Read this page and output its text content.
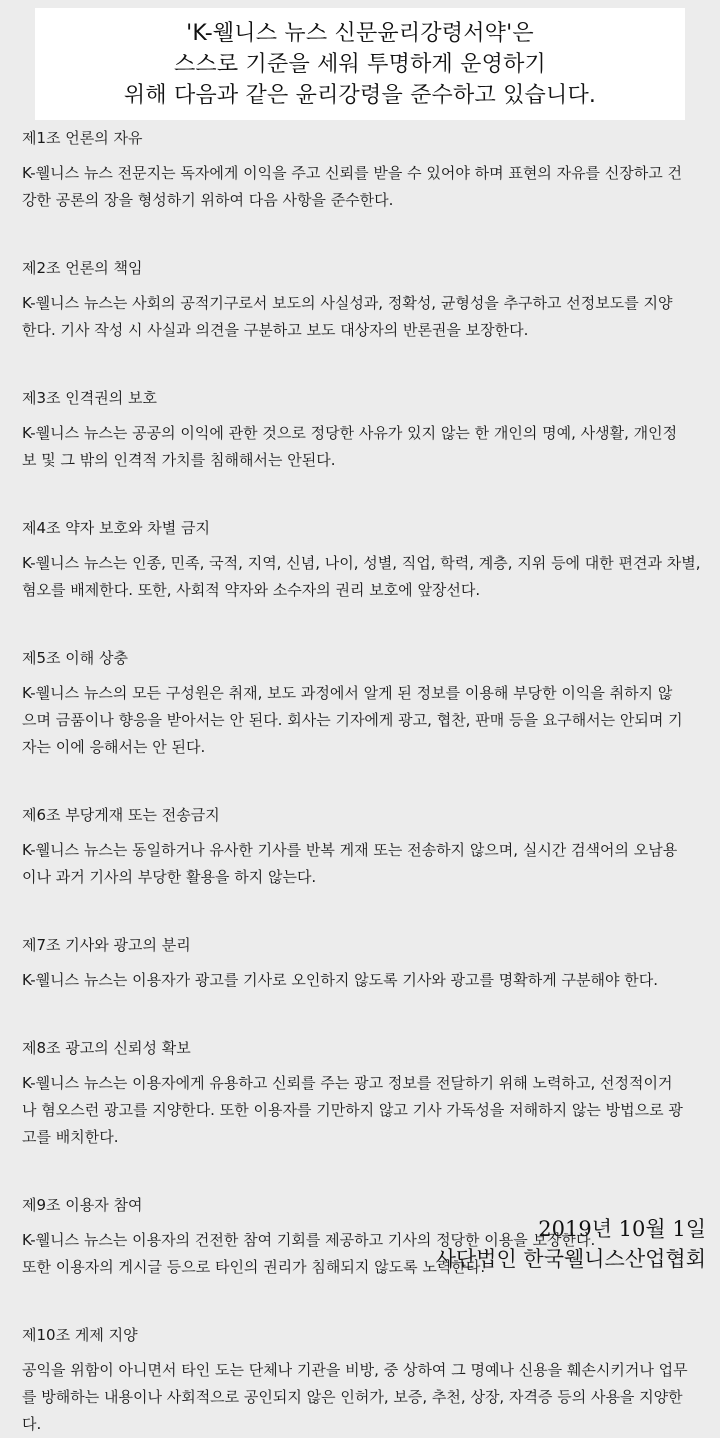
'K-웰니스 뉴스 신문윤리강령서약'은
스스로 기준을 세워 투명하게 운영하기
위해 다음과 같은 윤리강령을 준수하고 있습니다.
제1조 언론의 자유
K-웰니스 뉴스 전문지는 독자에게 이익을 주고 신뢰를 받을 수 있어야 하며 표현의 자유를 신장하고 건
강한 공론의 장을 형성하기 위하여 다음 사항을 준수한다.
제2조 언론의 책임
K-웰니스 뉴스는 사회의 공적기구로서 보도의 사실성과, 정확성, 균형성을 추구하고 선정보도를 지양
한다. 기사 작성 시 사실과 의견을 구분하고 보도 대상자의 반론권을 보장한다.
제3조 인격권의 보호
K-웰니스 뉴스는 공공의 이익에 관한 것으로 정당한 사유가 있지 않는 한 개인의 명예, 사생활, 개인정
보 및 그 밖의 인격적 가치를 침해해서는 안된다.
제4조 약자 보호와 차별 금지
K-웰니스 뉴스는 인종, 민족, 국적, 지역, 신념, 나이, 성별, 직업, 학력, 계층, 지위 등에 대한 편견과 차별,
혐오를 배제한다. 또한, 사회적 약자와 소수자의 권리 보호에 앞장선다.
제5조 이해 상충
K-웰니스 뉴스의 모든 구성원은 취재, 보도 과정에서 알게 된 정보를 이용해 부당한 이익을 취하지 않
으며 금품이나 향응을 받아서는 안 된다. 회사는 기자에게 광고, 협찬, 판매 등을 요구해서는 안되며 기
자는 이에 응해서는 안 된다.
제6조 부당게재 또는 전송금지
K-웰니스 뉴스는 동일하거나 유사한 기사를 반복 게재 또는 전송하지 않으며, 실시간 검색어의 오남용
이나 과거 기사의 부당한 활용을 하지 않는다.
제7조 기사와 광고의 분리
K-웰니스 뉴스는 이용자가 광고를 기사로 오인하지 않도록 기사와 광고를 명확하게 구분해야 한다.
제8조 광고의 신뢰성 확보
K-웰니스 뉴스는 이용자에게 유용하고 신뢰를 주는 광고 정보를 전달하기 위해 노력하고, 선정적이거
나 혐오스런 광고를 지양한다. 또한 이용자를 기만하지 않고 기사 가독성을 저해하지 않는 방법으로 광
고를 배치한다.
제9조 이용자 참여
K-웰니스 뉴스는 이용자의 건전한 참여 기회를 제공하고 기사의 정당한 이용을 보장한다.
또한 이용자의 게시글 등으로 타인의 권리가 침해되지 않도록 노력한다.
제10조 게제 지양
공익을 위함이 아니면서 타인 도는 단체나 기관을 비방, 중 상하여 그 명예나 신용을 훼손시키거나 업무
를 방해하는 내용이나 사회적으로 공인되지 않은 인허가, 보증, 추천, 상장, 자격증 등의 사용을 지양한
다.
2019년 10월 1일
사단법인 한국웰니스산업협회
